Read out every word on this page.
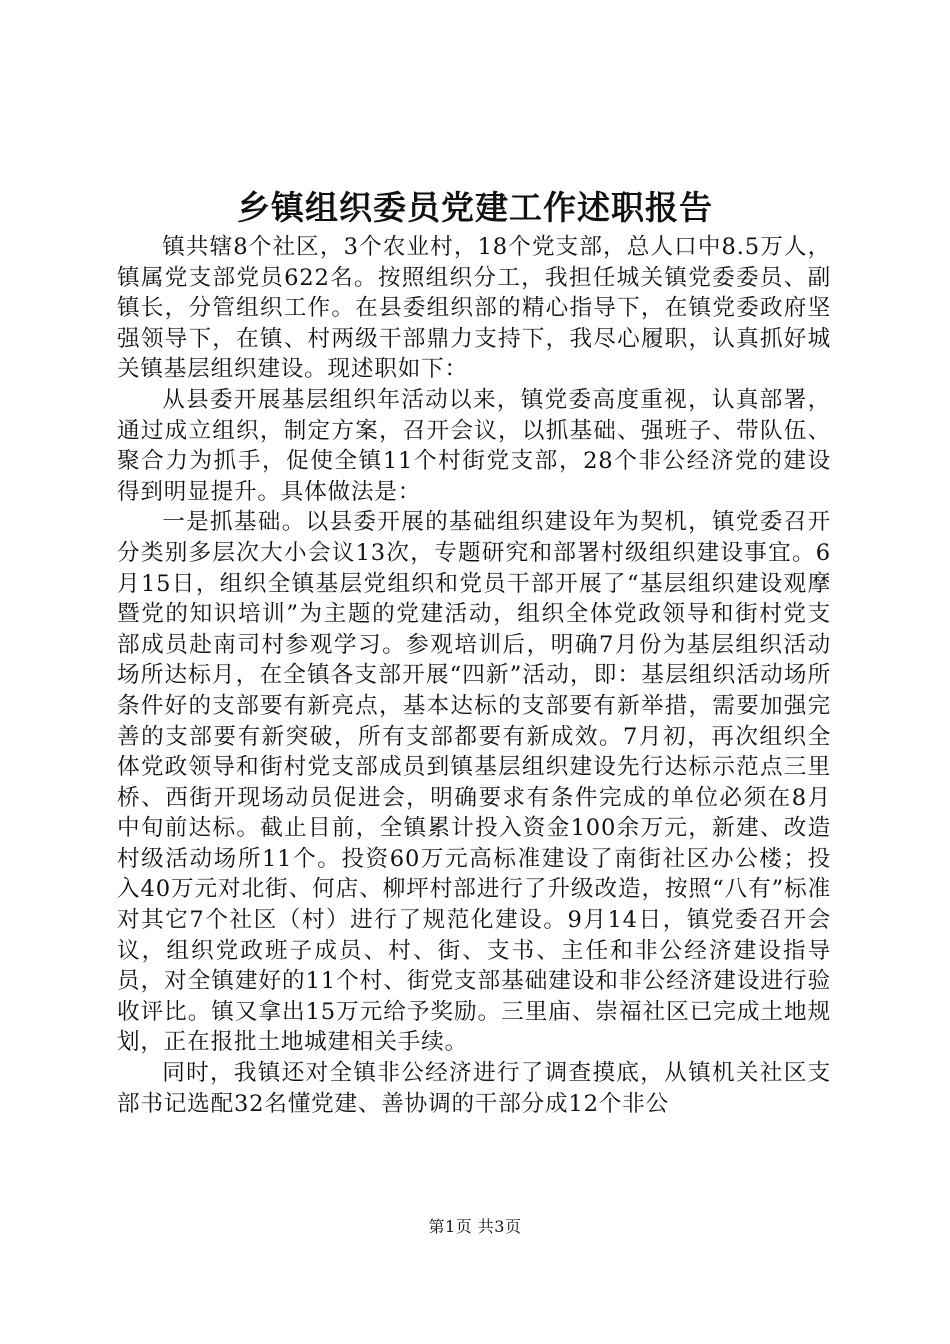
乡镇组织委员党建工作述职报告

镇共辖8个社区，3个农业村，18个党支部，总人口中8.5万人，镇属党支部党员622名。按照组织分工，我担任城关镇党委委员、副镇长，分管组织工作。在县委组织部的精心指导下，在镇党委政府坚强领导下，在镇、村两级干部鼎力支持下，我尽心履职，认真抓好城关镇基层组织建设。现述职如下：

从县委开展基层组织年活动以来，镇党委高度重视，认真部署，通过成立组织，制定方案，召开会议，以抓基础、强班子、带队伍、聚合力为抓手，促使全镇11个村街党支部，28个非公经济党的建设得到明显提升。具体做法是：

一是抓基础。以县委开展的基础组织建设年为契机，镇党委召开分类别多层次大小会议13次，专题研究和部署村级组织建设事宜。6月15日，组织全镇基层党组织和党员干部开展了“基层组织建设观摩暨党的知识培训”为主题的党建活动，组织全体党政领导和街村党支部成员赴南司村参观学习。参观培训后，明确7月份为基层组织活动场所达标月，在全镇各支部开展“四新”活动，即：基层组织活动场所条件好的支部要有新亮点，基本达标的支部要有新举措，需要加强完善的支部要有新突破，所有支部都要有新成效。7月初，再次组织全体党政领导和街村党支部成员到镇基层组织建设先行达标示范点三里桥、西街开现场动员促进会，明确要求有条件完成的单位必须在8月中旬前达标。截止目前，全镇累计投入资金100余万元，新建、改造村级活动场所11个。投资60万元高标准建设了南街社区办公楼；投入40万元对北街、何店、柳坪村部进行了升级改造，按照“八有”标准对其它7个社区（村）进行了规范化建设。9月14日，镇党委召开会议，组织党政班子成员、村、街、支书、主任和非公经济建设指导员，对全镇建好的11个村、街党支部基础建设和非公经济建设进行验收评比。镇又拿出15万元给予奖励。三里庙、崇福社区已完成土地规划，正在报批土地城建相关手续。

同时，我镇还对全镇非公经济进行了调查摸底，从镇机关社区支部书记选配32名懂党建、善协调的干部分成12个非公

第1页 共3页
